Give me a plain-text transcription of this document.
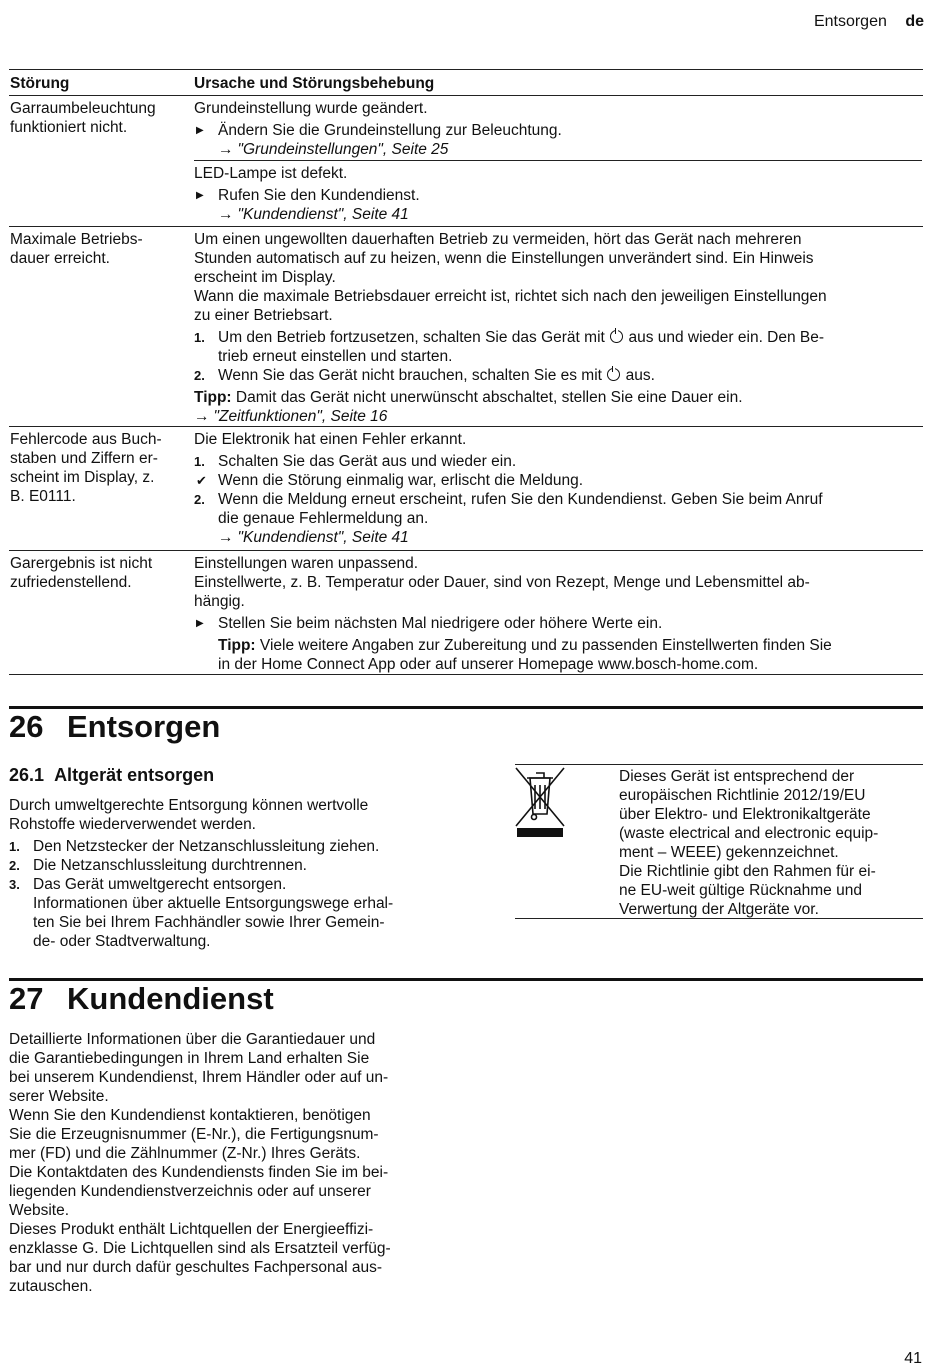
Entsorgen de
Störung	Ursache und Störungsbehebung

Garraumbeleuchtung

funktioniert nicht.

Grundeinstellung wurde geändert.

▶ Ändern Sie die Grundeinstellung zur Beleuchtung.

→ "Grundeinstellungen", Seite 25

LED-Lampe ist defekt.

▶ Rufen Sie den Kundendienst.

→ "Kundendienst", Seite 41

Maximale Betriebs-

dauer erreicht.

Um einen ungewollten dauerhaften Betrieb zu vermeiden, hört das Gerät nach mehreren

Stunden automatisch auf zu heizen, wenn die Einstellungen unverändert sind. Ein Hinweis

erscheint im Display.

Wann die maximale Betriebsdauer erreicht ist, richtet sich nach den jeweiligen Einstellungen

zu einer Betriebsart.

1. Um den Betrieb fortzusetzen, schalten Sie das Gerät mit aus und wieder ein. Den Be-

trieb erneut einstellen und starten.

2. Wenn Sie das Gerät nicht brauchen, schalten Sie es mit aus.

Tipp: Damit das Gerät nicht unerwünscht abschaltet, stellen Sie eine Dauer ein.

→ "Zeitfunktionen", Seite 16

Fehlercode aus Buch-

staben und Ziffern er-

scheint im Display, z.

B. E0111.

Die Elektronik hat einen Fehler erkannt.

1. Schalten Sie das Gerät aus und wieder ein.

✔ Wenn die Störung einmalig war, erlischt die Meldung.

2. Wenn die Meldung erneut erscheint, rufen Sie den Kundendienst. Geben Sie beim Anruf

die genaue Fehlermeldung an.

→ "Kundendienst", Seite 41

Garergebnis ist nicht

zufriedenstellend.

Einstellungen waren unpassend.

Einstellwerte, z. B. Temperatur oder Dauer, sind von Rezept, Menge und Lebensmittel ab-

hängig.

▶ Stellen Sie beim nächsten Mal niedrigere oder höhere Werte ein.

Tipp: Viele weitere Angaben zur Zubereitung und zu passenden Einstellwerten finden Sie

in der Home Connect App oder auf unserer Homepage www.bosch-home.com.

26 Entsorgen
26.1 Altgerät entsorgen

Durch umweltgerechte Entsorgung können wertvolle

Rohstoffe wiederverwendet werden.

1. Den Netzstecker der Netzanschlussleitung ziehen.

2. Die Netzanschlussleitung durchtrennen.

3. Das Gerät umweltgerecht entsorgen.

Informationen über aktuelle Entsorgungswege erhal-

ten Sie bei Ihrem Fachhändler sowie Ihrer Gemein-

de- oder Stadtverwaltung.

Dieses Gerät ist entsprechend der

europäischen Richtlinie 2012/19/EU

über Elektro- und Elektronikaltgeräte

(waste electrical and electronic equip-

ment – WEEE) gekennzeichnet.

Die Richtlinie gibt den Rahmen für ei-

ne EU-weit gültige Rücknahme und

Verwertung der Altgeräte vor.

27 Kundendienst

Detaillierte Informationen über die Garantiedauer und

die Garantiebedingungen in Ihrem Land erhalten Sie

bei unserem Kundendienst, Ihrem Händler oder auf un-

serer Website.

Wenn Sie den Kundendienst kontaktieren, benötigen

Sie die Erzeugnisnummer (E-Nr.), die Fertigungsnum-

mer (FD) und die Zählnummer (Z-Nr.) Ihres Geräts.

Die Kontaktdaten des Kundendiensts finden Sie im bei-

liegenden Kundendienstverzeichnis oder auf unserer

Website.

Dieses Produkt enthält Lichtquellen der Energieeffizi-

enzklasse G. Die Lichtquellen sind als Ersatzteil verfüg-

bar und nur durch dafür geschultes Fachpersonal aus-

zutauschen.

41
